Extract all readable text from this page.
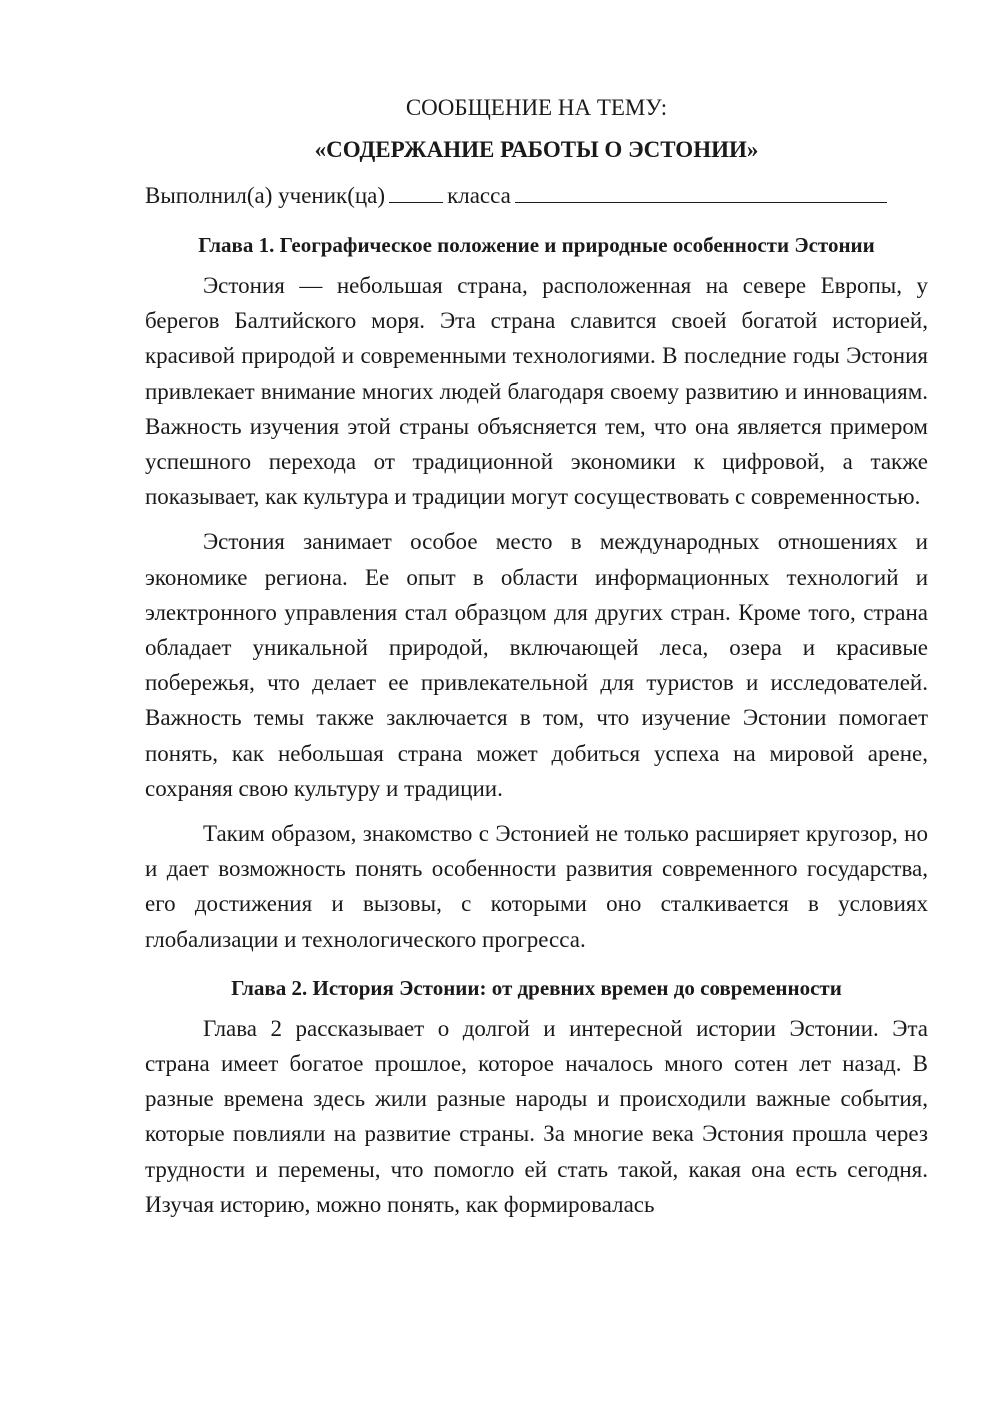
СООБЩЕНИЕ НА ТЕМУ:

«СОДЕРЖАНИЕ РАБОТЫ О ЭСТОНИИ»

Выполнил(а) ученик(ца)	класса

Глава 1. Географическое положение и природные особенности Эстонии

Эстония — небольшая страна, расположенная на севере Европы, у берегов Балтийского моря. Эта страна славится своей богатой историей, красивой природой и современными технологиями. В последние годы Эстония привлекает внимание многих людей благодаря своему развитию и инновациям. Важность изучения этой страны объясняется тем, что она является примером успешного перехода от традиционной экономики к цифровой, а также показывает, как культура и традиции могут сосуществовать с современностью.

Эстония занимает особое место в международных отношениях и экономике региона. Ее опыт в области информационных технологий и электронного управления стал образцом для других стран. Кроме того, страна обладает уникальной природой, включающей леса, озера и красивые побережья, что делает ее привлекательной для туристов и исследователей. Важность темы также заключается в том, что изучение Эстонии помогает понять, как небольшая страна может добиться успеха на мировой арене, сохраняя свою культуру и традиции.

Таким образом, знакомство с Эстонией не только расширяет кругозор, но и дает возможность понять особенности развития современного государства, его достижения и вызовы, с которыми оно сталкивается в условиях глобализации и технологического прогресса.

Глава 2. История Эстонии: от древних времен до современности

Глава 2 рассказывает о долгой и интересной истории Эстонии. Эта страна имеет богатое прошлое, которое началось много сотен лет назад. В разные времена здесь жили разные народы и происходили важные события, которые повлияли на развитие страны. За многие века Эстония прошла через трудности и перемены, что помогло ей стать такой, какая она есть сегодня. Изучая историю, можно понять, как формировалась
